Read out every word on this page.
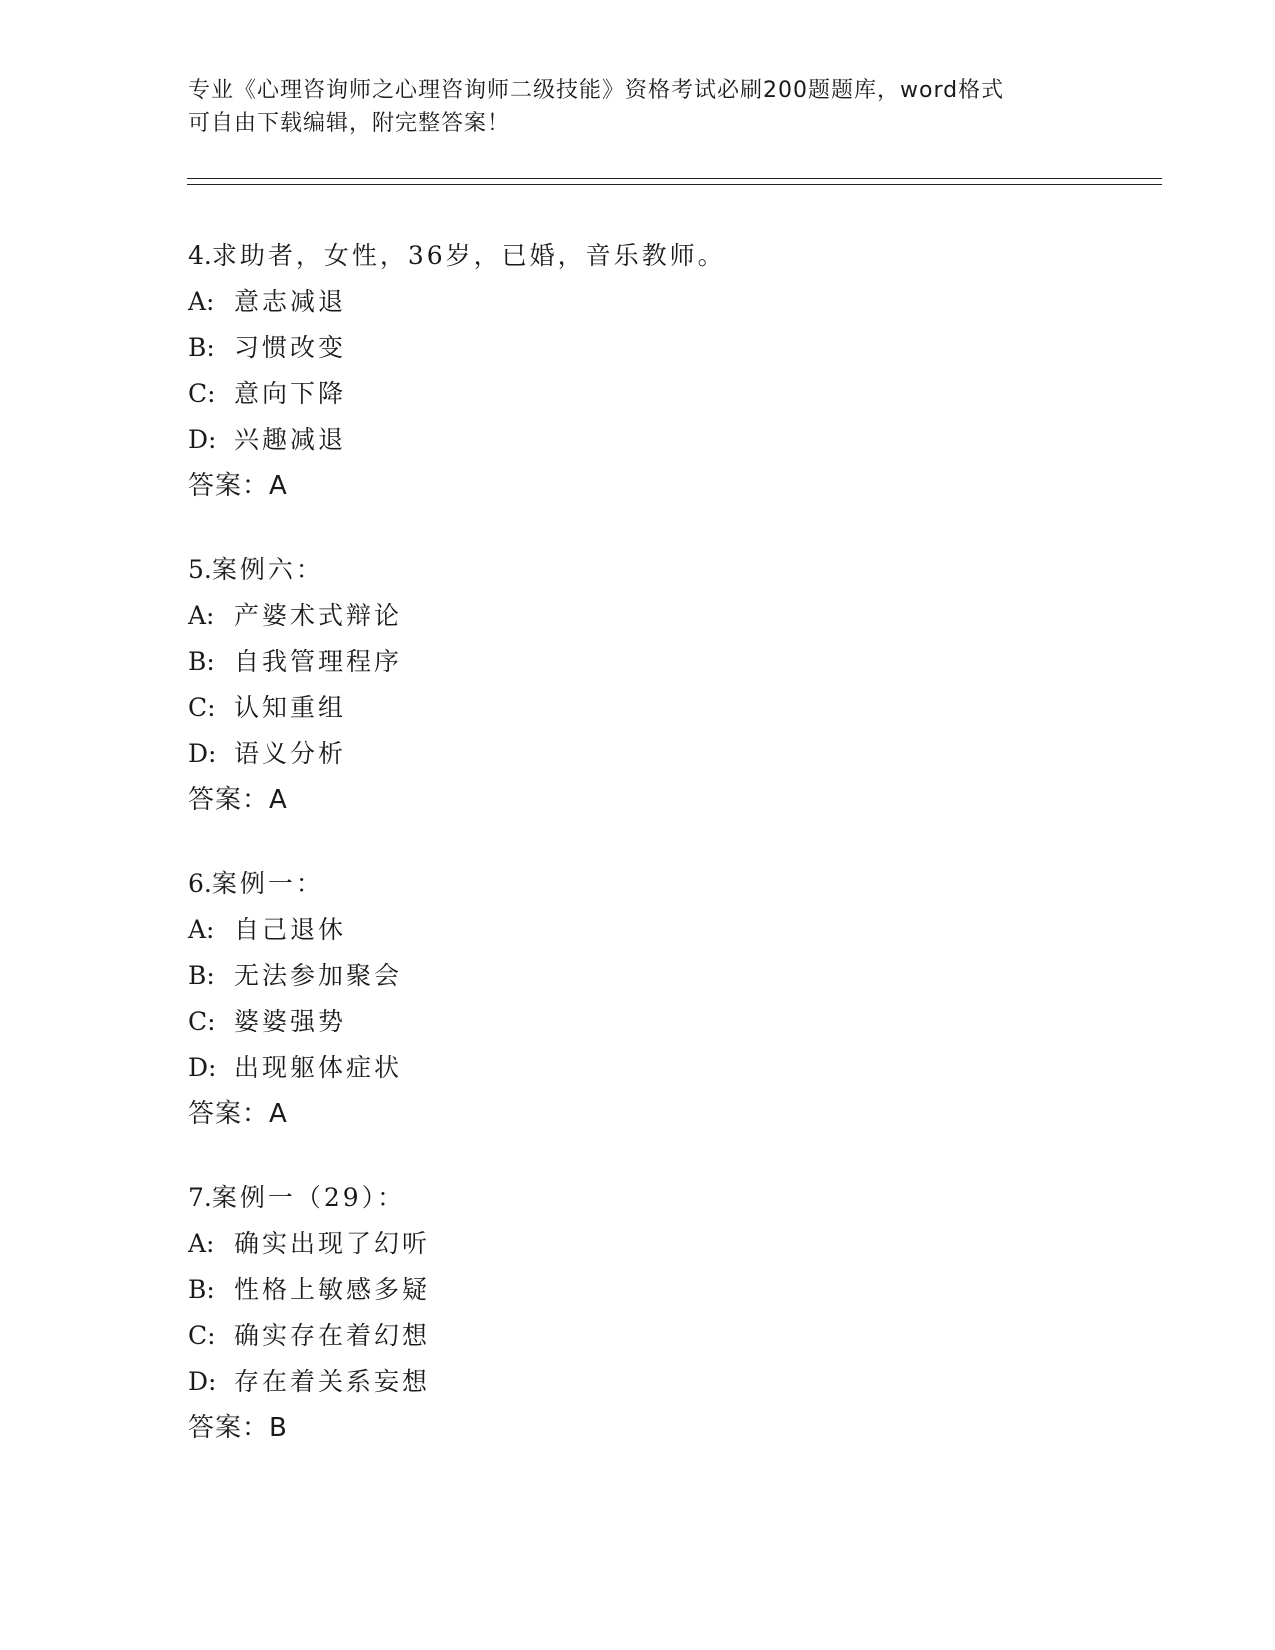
专业《心理咨询师之心理咨询师二级技能》资格考试必刷200题题库，word格式
可自由下载编辑，附完整答案！
4.求助者，女性，36岁，已婚，音乐教师。
A: 意志减退
B: 习惯改变
C: 意向下降
D: 兴趣减退
答案：A
5.案例六：
A: 产婆术式辩论
B: 自我管理程序
C: 认知重组
D: 语义分析
答案：A
6.案例一：
A: 自己退休
B: 无法参加聚会
C: 婆婆强势
D: 出现躯体症状
答案：A
7.案例一（29）：
A: 确实出现了幻听
B: 性格上敏感多疑
C: 确实存在着幻想
D: 存在着关系妄想
答案：B
